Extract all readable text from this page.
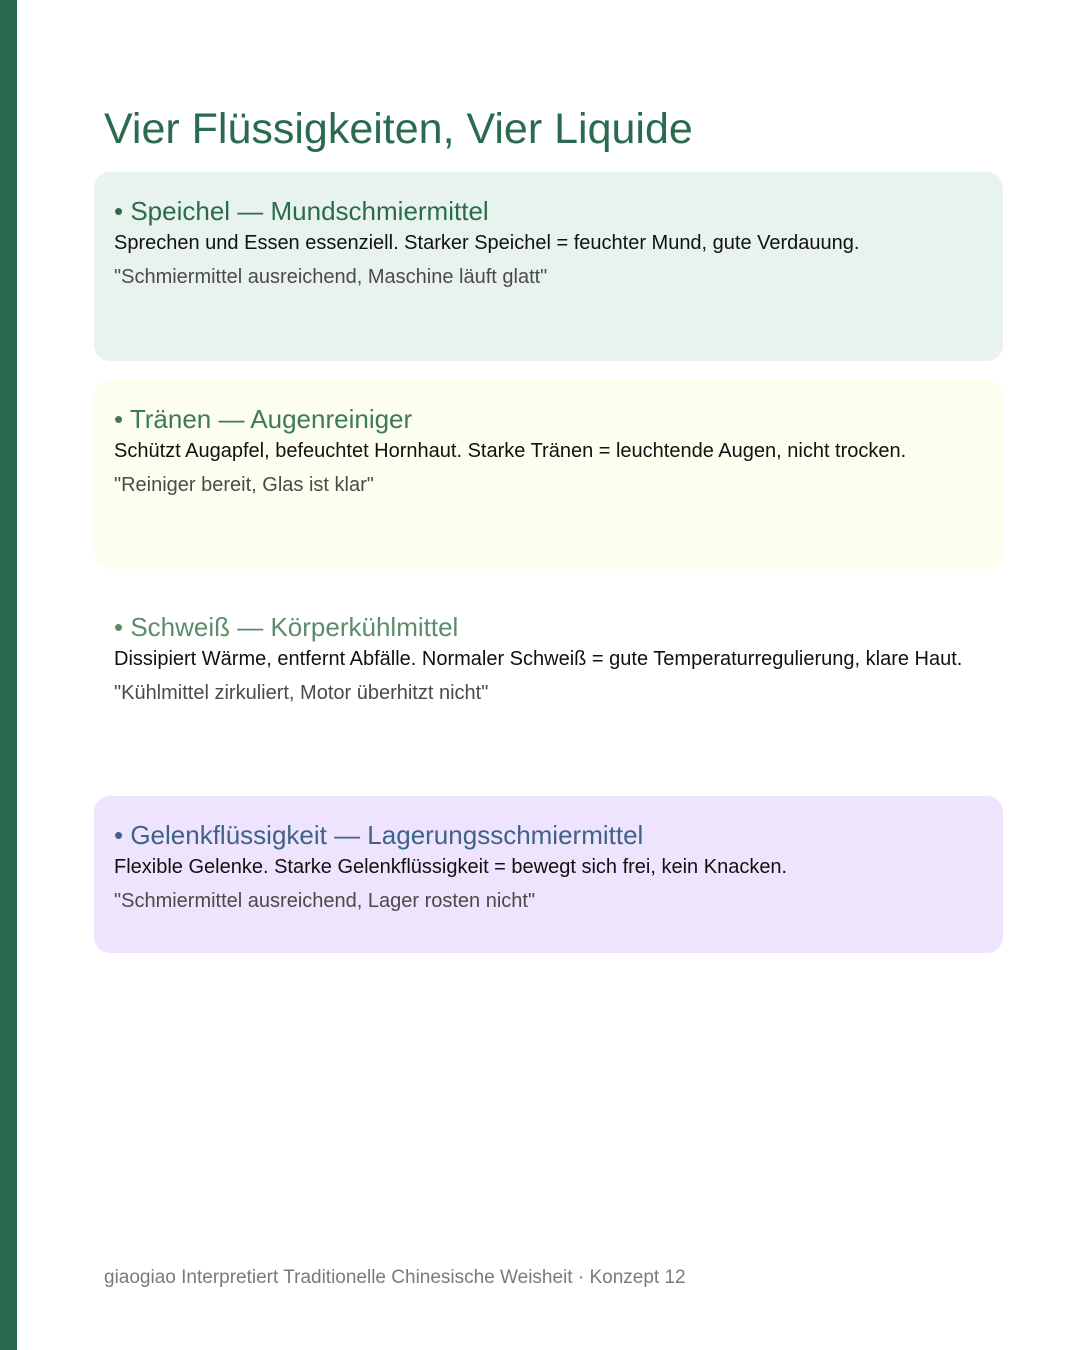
Vier Flüssigkeiten, Vier Liquide
• Speichel — Mundschmiermittel

Sprechen und Essen essenziell. Starker Speichel = feuchter Mund, gute Verdauung.

"Schmiermittel ausreichend, Maschine läuft glatt"

• Tränen — Augenreiniger

Schützt Augapfel, befeuchtet Hornhaut. Starke Tränen = leuchtende Augen, nicht trocken.

"Reiniger bereit, Glas ist klar"

• Schweiß — Körperkühlmittel

Dissipiert Wärme, entfernt Abfälle. Normaler Schweiß = gute Temperaturregulierung, klare Haut.

"Kühlmittel zirkuliert, Motor überhitzt nicht"

• Gelenkflüssigkeit — Lagerungsschmiermittel

Flexible Gelenke. Starke Gelenkflüssigkeit = bewegt sich frei, kein Knacken.

"Schmiermittel ausreichend, Lager rosten nicht"

giaogiao Interpretiert Traditionelle Chinesische Weisheit · Konzept 12
